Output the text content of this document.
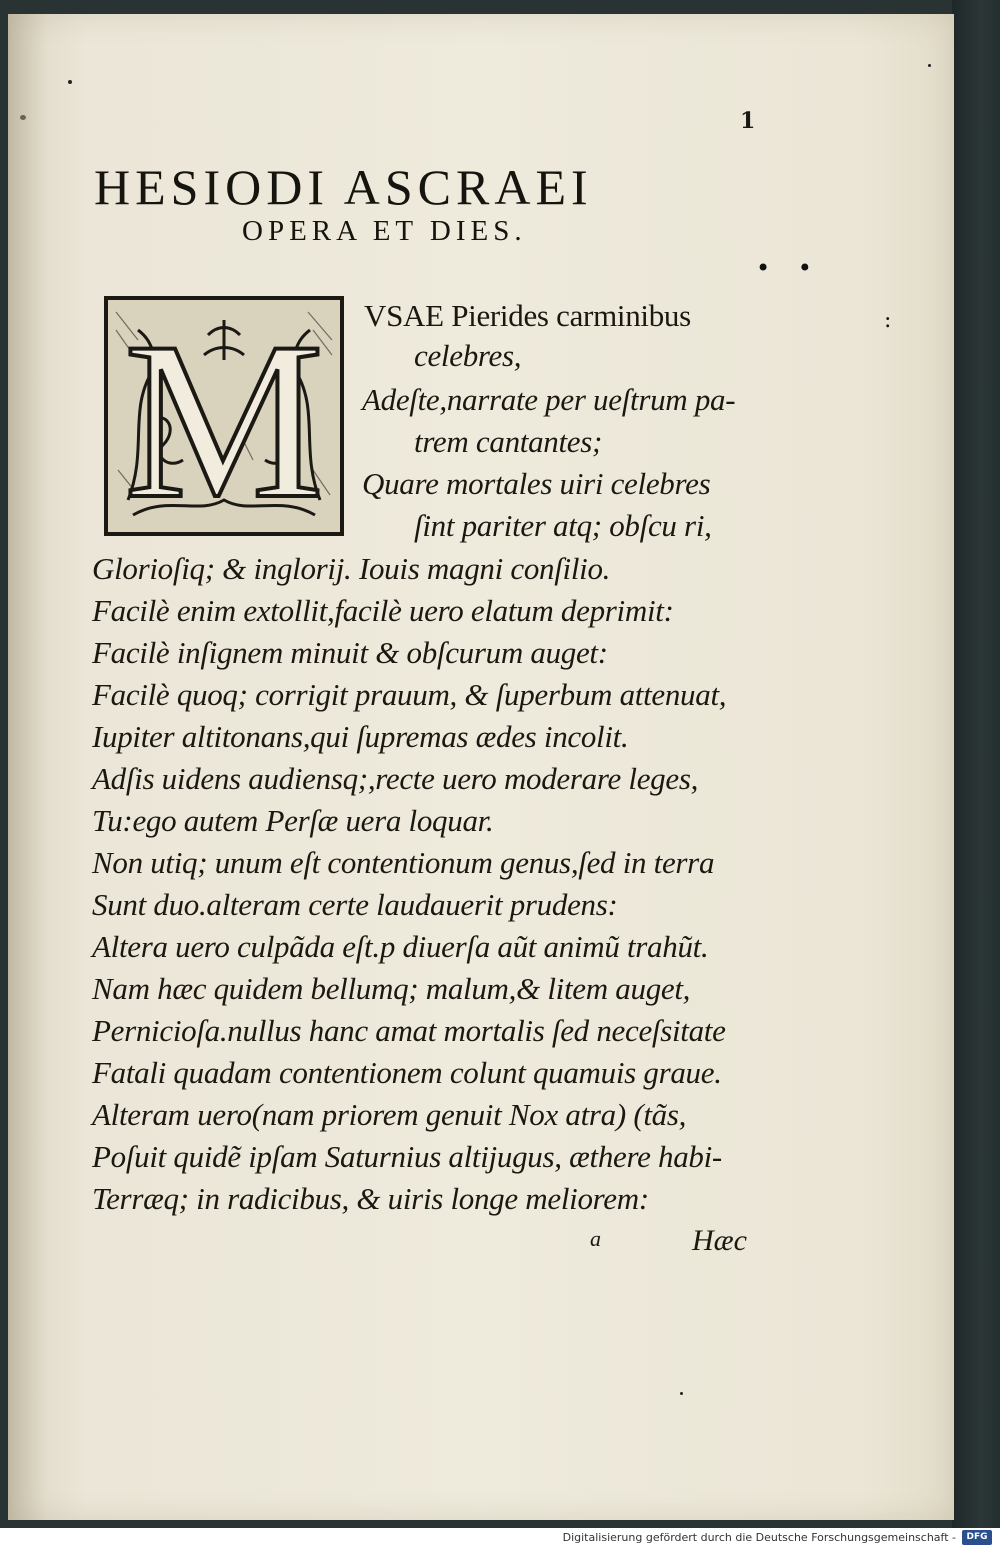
1
HESIODI ASCRAEI
OPERA ET DIES.
• •
:
M VSAE Pierides carminibus
celebres,
Adeſte,narrate per ueſtrum pa-
trem cantantes;
Quare mortales uiri celebres
ſint pariter atq; obſcu ri,
Glorioſiq; & inglorij. Iouis magni conſilio.
Facilè enim extollit,facilè uero elatum deprimit:
Facilè inſignem minuit & obſcurum auget:
Facilè quoq; corrigit prauum, & ſuperbum attenuat,
Iupiter altitonans,qui ſupremas ædes incolit.
Adſis uidens audiensq;,recte uero moderare leges,
Tu:ego autem Perſæ uera loquar.
Non utiq; unum eſt contentionum genus,ſed in terra
Sunt duo.alteram certe laudauerit prudens:
Altera uero culpãda eſt.p diuerſa aũt animũ trahũt.
Nam hæc quidem bellumq; malum,& litem auget,
Pernicioſa.nullus hanc amat mortalis ſed neceſsitate
Fatali quadam contentionem colunt quamuis graue.
Alteram uero(nam priorem genuit Nox atra) (tãs,
Poſuit quidẽ ipſam Saturnius altijugus, æthere habi-
Terræq; in radicibus, & uiris longe meliorem:
a	Hæc
Digitalisierung gefördert durch die Deutsche Forschungsgemeinschaft -	DFG
